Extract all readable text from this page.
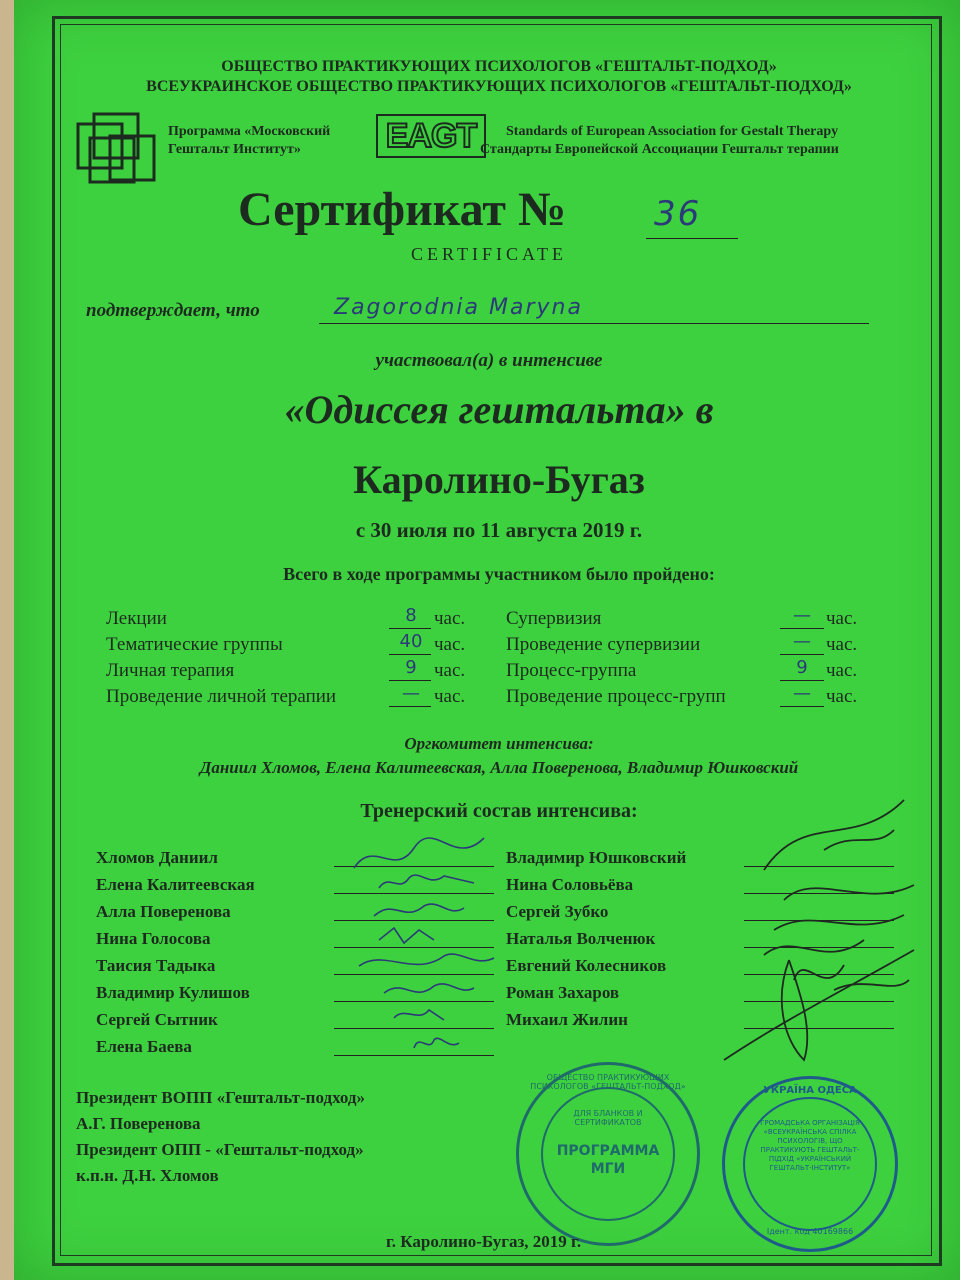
ОБЩЕСТВО ПРАКТИКУЮЩИХ ПСИХОЛОГОВ «ГЕШТАЛЬТ-ПОДХОД»
ВСЕУКРАИНСКОЕ ОБЩЕСТВО ПРАКТИКУЮЩИХ ПСИХОЛОГОВ «ГЕШТАЛЬТ-ПОДХОД»
Программа «Московский
Гештальт Институт» EAGT	Standards of European Association for Gestalt Therapy
Стандарты Европейской Ассоциации Гештальт терапии
Сертификат №	36
CERTIFICATE
подтверждает, что	Zagorodnia Maryna
участвовал(а) в интенсиве
«Одиссея гештальта» в
Каролино-Бугаз
с 30 июля по 11 августа 2019 г.
Всего в ходе программы участником было пройдено:
Лекции	8 час.
Тематические группы	40 час.
Личная терапия	9 час.
Проведение личной терапии	— час.
Супервизия	— час.
Проведение супервизии	— час.
Процесс-группа	9 час.
Проведение процесс-групп	— час.
Оргкомитет интенсива:
Даниил Хломов, Елена Калитеевская, Алла Поверенова, Владимир Юшковский
Тренерский состав интенсива:
Хломов Даниил
Елена Калитеевская
Алла Поверенова
Нина Голосова
Таисия Тадыка
Владимир Кулишов
Сергей Сытник
Елена Баева
Владимир Юшковский
Нина Соловьёва
Сергей Зубко
Наталья Волченюк
Евгений Колесников
Роман Захаров
Михаил Жилин
Президент ВОПП «Гештальт-подход»
А.Г. Поверенова
Президент ОПП - «Гештальт-подход»
к.п.н. Д.Н. Хломов
ОБЩЕСТВО ПРАКТИКУЮЩИХ ПСИХОЛОГОВ «ГЕШТАЛЬТ-ПОДХОД»
ДЛЯ БЛАНКОВ И СЕРТИФИКАТОВ
ПРОГРАММА
МГИ
УКРАЇНА ОДЕСА
ГРОМАДСЬКА ОРГАНІЗАЦІЯ «ВСЕУКРАЇНСЬКА СПІЛКА ПСИХОЛОГІВ, ЩО ПРАКТИКУЮТЬ ГЕШТАЛЬТ-ПІДХІД «УКРАЇНСЬКИЙ ГЕШТАЛЬТ-ІНСТИТУТ»
Ідент. код 40169866
г. Каролино-Бугаз, 2019 г.
